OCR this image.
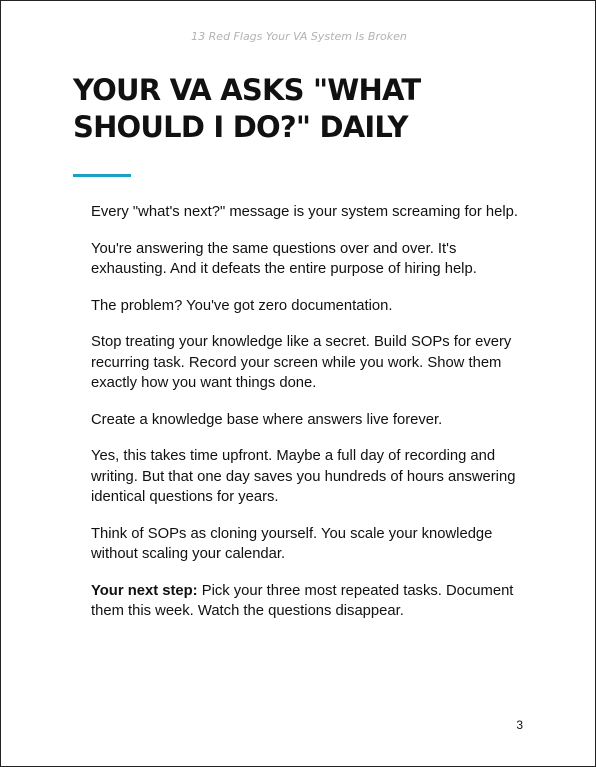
13 Red Flags Your VA System Is Broken
YOUR VA ASKS "WHAT SHOULD I DO?" DAILY

Every "what's next?" message is your system screaming for help.

You're answering the same questions over and over. It's exhausting. And it defeats the entire purpose of hiring help.

The problem? You've got zero documentation.

Stop treating your knowledge like a secret. Build SOPs for every recurring task. Record your screen while you work. Show them exactly how you want things done.

Create a knowledge base where answers live forever.

Yes, this takes time upfront. Maybe a full day of recording and writing. But that one day saves you hundreds of hours answering identical questions for years.

Think of SOPs as cloning yourself. You scale your knowledge without scaling your calendar.

Your next step: Pick your three most repeated tasks. Document them this week. Watch the questions disappear.

3
